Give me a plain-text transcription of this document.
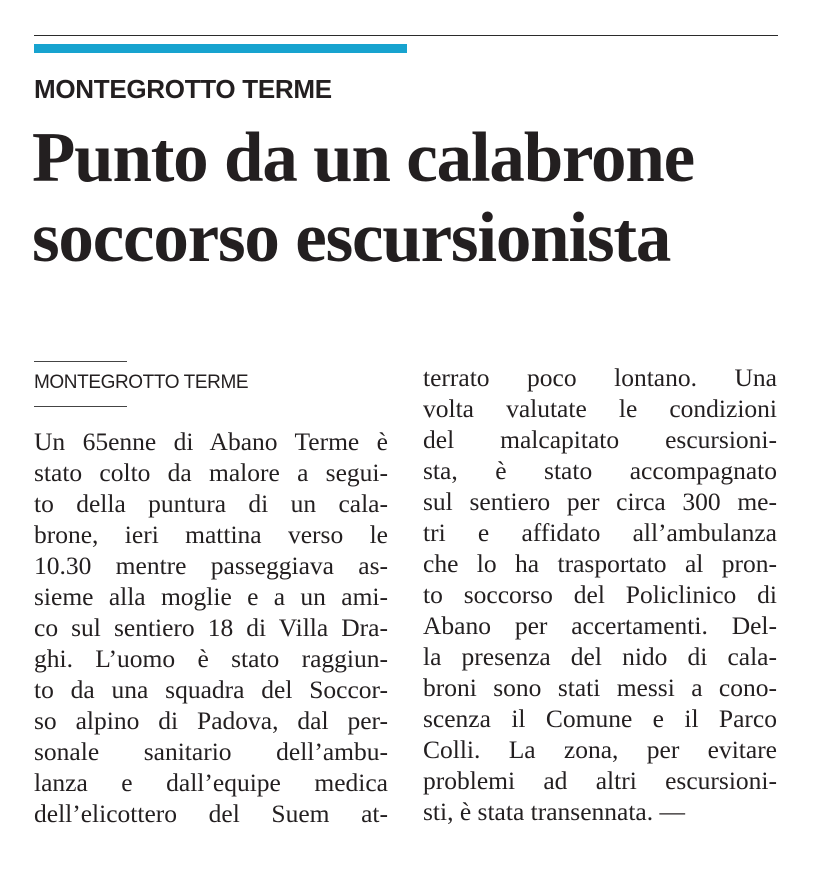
MONTEGROTTO TERME
Punto da un calabrone
soccorso escursionista
MONTEGROTTO TERME
Un 65enne di Abano Terme è
stato colto da malore a segui-
to della puntura di un cala-
brone, ieri mattina verso le
10.30 mentre passeggiava as-
sieme alla moglie e a un ami-
co sul sentiero 18 di Villa Dra-
ghi. L’uomo è stato raggiun-
to da una squadra del Soccor-
so alpino di Padova, dal per-
sonale sanitario dell’ambu-
lanza e dall’equipe medica
dell’elicottero del Suem at-
terrato poco lontano. Una
volta valutate le condizioni
del malcapitato escursioni-
sta, è stato accompagnato
sul sentiero per circa 300 me-
tri e affidato all’ambulanza
che lo ha trasportato al pron-
to soccorso del Policlinico di
Abano per accertamenti. Del-
la presenza del nido di cala-
broni sono stati messi a cono-
scenza il Comune e il Parco
Colli. La zona, per evitare
problemi ad altri escursioni-
sti, è stata transennata. —
